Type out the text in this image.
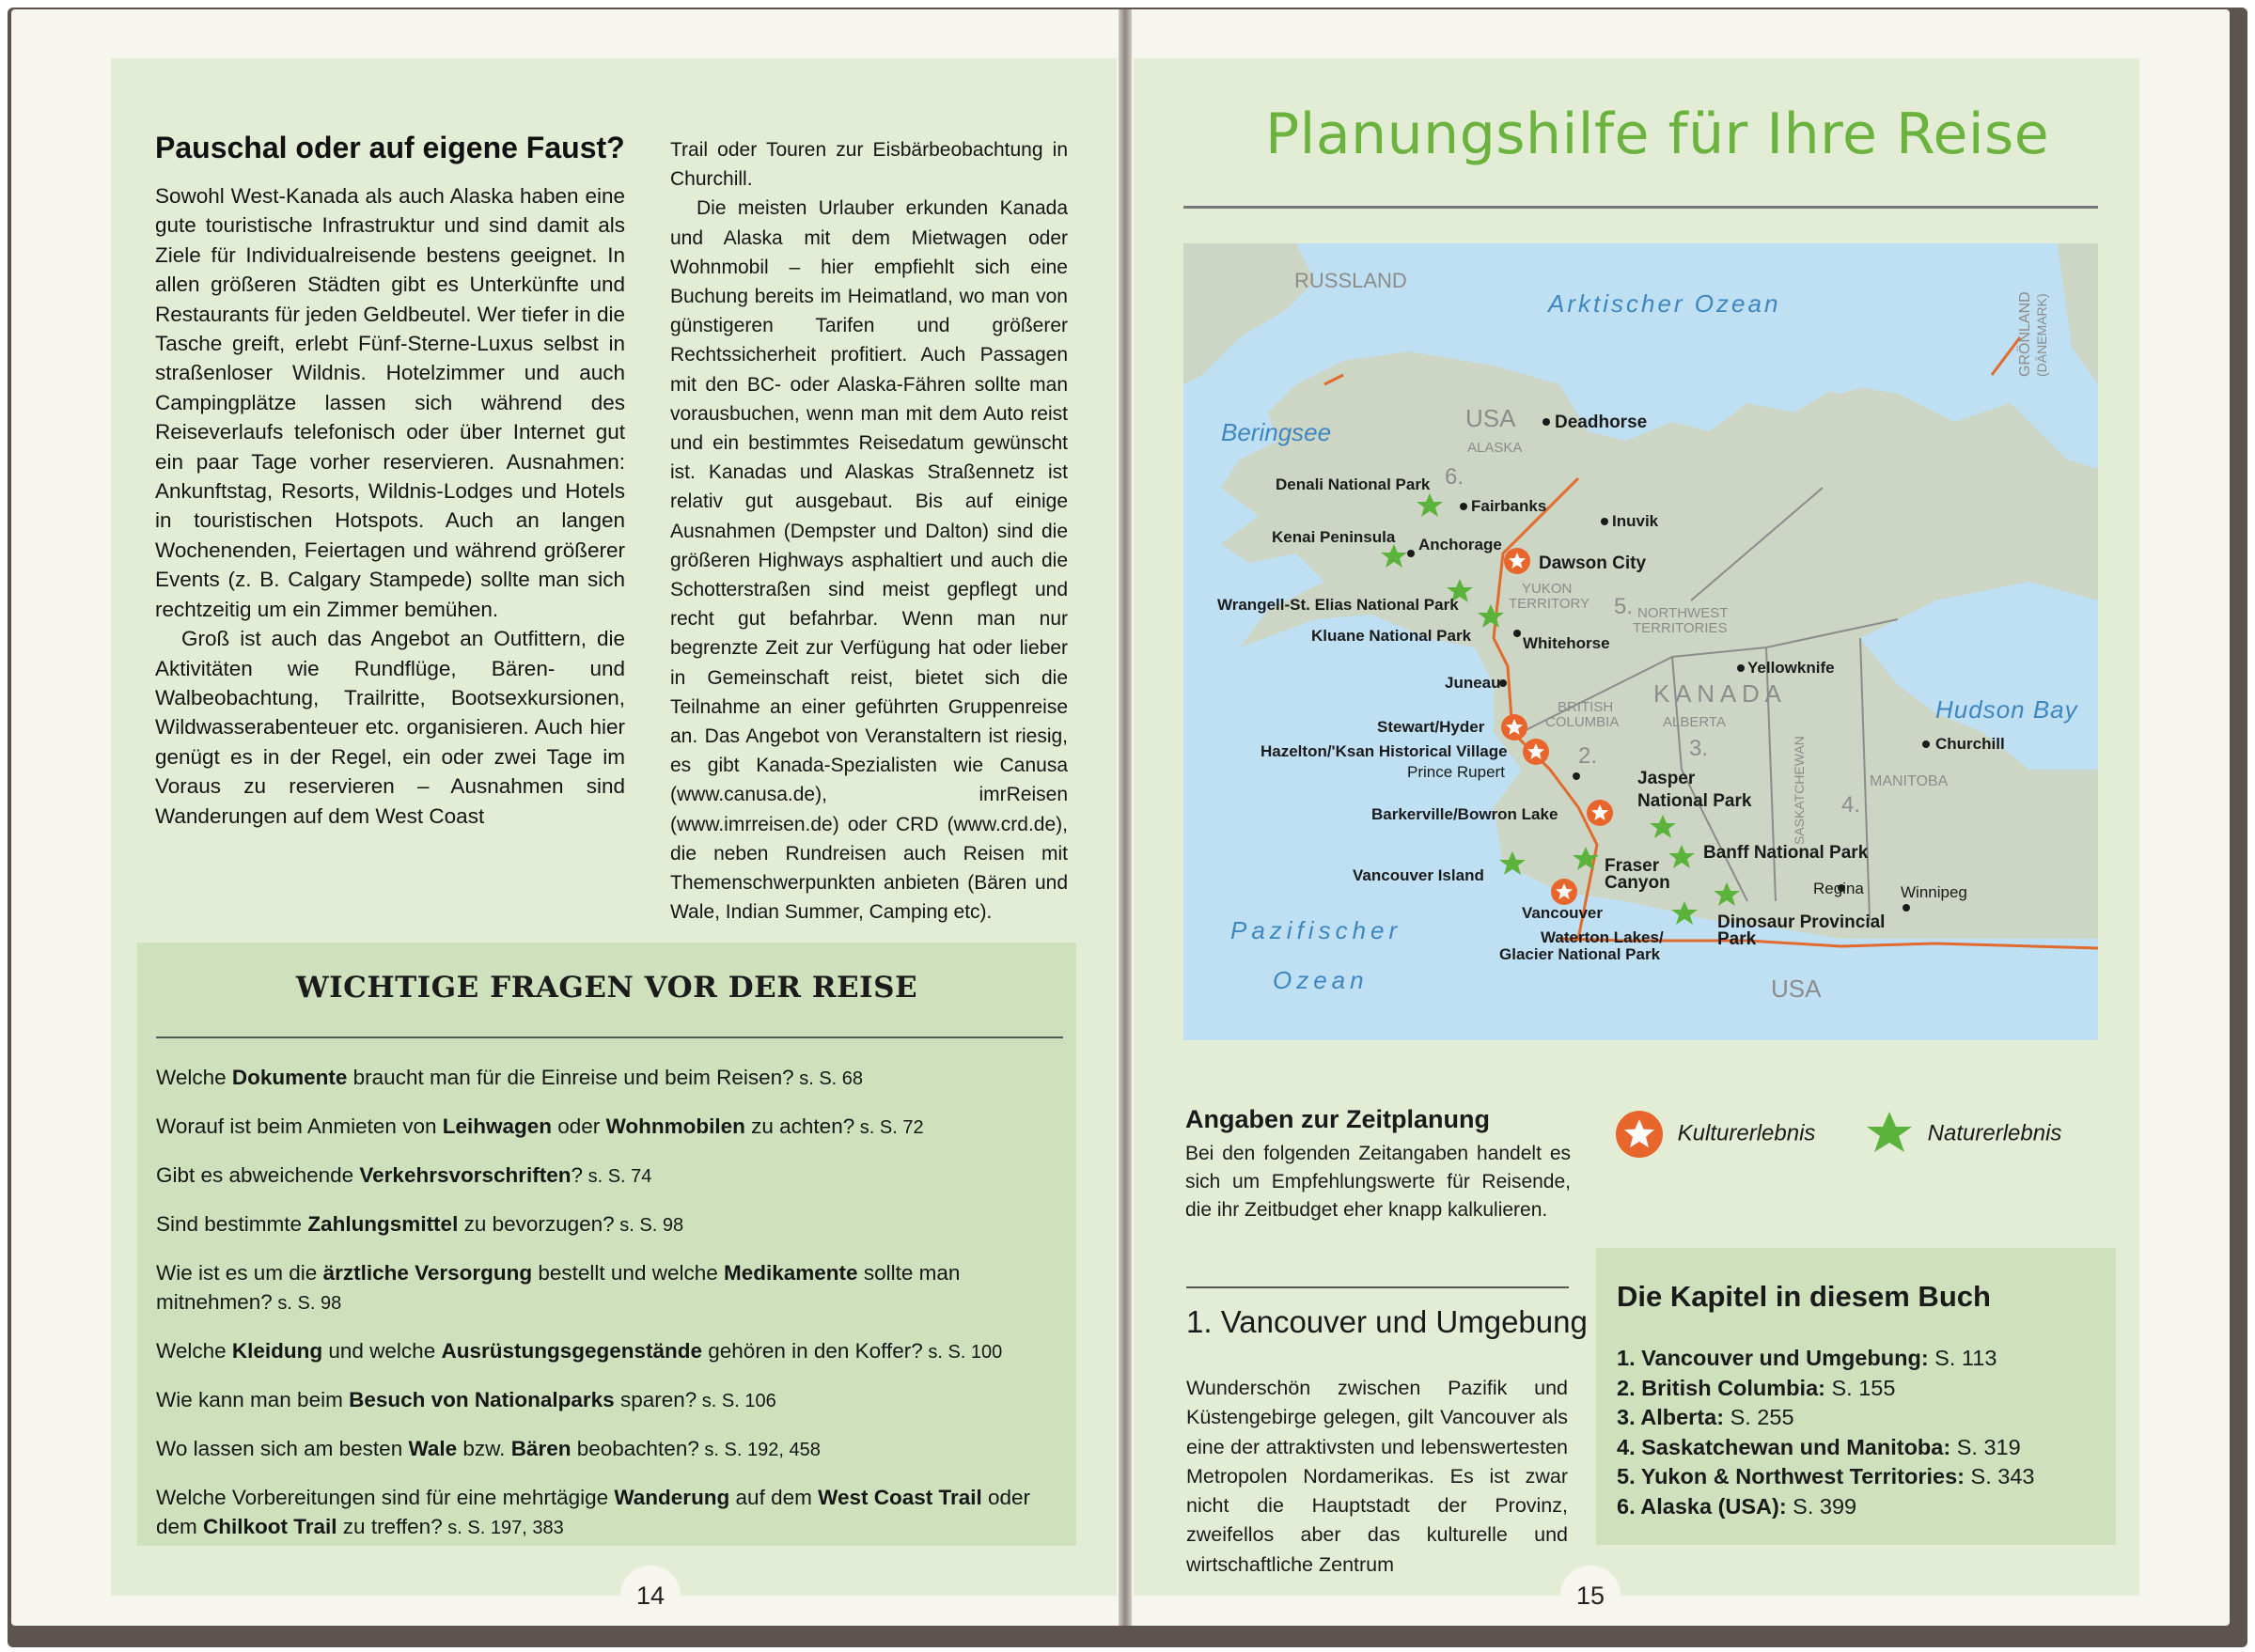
Pauschal oder auf eigene Faust?

Sowohl West-Kanada als auch Alaska haben eine gute touristische Infrastruktur und sind damit als Ziele für Individualreisende bestens geeignet. In allen größeren Städten gibt es Unterkünfte und Restaurants für jeden Geldbeutel. Wer tiefer in die Tasche greift, erlebt Fünf-Sterne-Luxus selbst in straßenloser Wildnis. Hotelzimmer und auch Campingplätze lassen sich während des Reiseverlaufs telefonisch oder über Internet gut ein paar Tage vorher reservieren. Ausnahmen: Ankunftstag, Resorts, Wildnis-Lodges und Hotels in touristischen Hotspots. Auch an langen Wochenenden, Feiertagen und während größerer Events (z. B. Calgary Stampede) sollte man sich rechtzeitig um ein Zimmer bemühen.

Groß ist auch das Angebot an Outfittern, die Aktivitäten wie Rundflüge, Bären- und Walbeobachtung, Trailritte, Bootsexkursionen, Wildwasserabenteuer etc. organisieren. Auch hier genügt es in der Regel, ein oder zwei Tage im Voraus zu reservieren – Ausnahmen sind Wanderungen auf dem West Coast

Trail oder Touren zur Eisbärbeobachtung in Churchill.

Die meisten Urlauber erkunden Kanada und Alaska mit dem Mietwagen oder Wohnmobil – hier empfiehlt sich eine Buchung bereits im Heimatland, wo man von günstigeren Tarifen und größerer Rechtssicherheit profitiert. Auch Passagen mit den BC- oder Alaska-Fähren sollte man vorausbuchen, wenn man mit dem Auto reist und ein bestimmtes Reisedatum gewünscht ist. Kanadas und Alaskas Straßennetz ist relativ gut ausgebaut. Bis auf einige Ausnahmen (Dempster und Dalton) sind die größeren Highways asphaltiert und auch die Schotterstraßen sind meist gepflegt und recht gut befahrbar. Wenn man nur begrenzte Zeit zur Verfügung hat oder lieber in Gemeinschaft reist, bietet sich die Teilnahme an einer geführten Gruppenreise an. Das Angebot von Veranstaltern ist riesig, es gibt Kanada-Spezialisten wie Canusa (www.canusa.de), imrReisen (www.imrreisen.de) oder CRD (www.crd.de), die neben Rundreisen auch Reisen mit Themenschwerpunkten anbieten (Bären und Wale, Indian Summer, Camping etc).

WICHTIGE FRAGEN VOR DER REISE
Welche Dokumente braucht man für die Einreise und beim Reisen? s. S. 68
Worauf ist beim Anmieten von Leihwagen oder Wohnmobilen zu achten? s. S. 72
Gibt es abweichende Verkehrsvorschriften? s. S. 74
Sind bestimmte Zahlungsmittel zu bevorzugen? s. S. 98
Wie ist es um die ärztliche Versorgung bestellt und welche Medikamente sollte man mitnehmen? s. S. 98
Welche Kleidung und welche Ausrüstungsgegenstände gehören in den Koffer? s. S. 100
Wie kann man beim Besuch von Nationalparks sparen? s. S. 106
Wo lassen sich am besten Wale bzw. Bären beobachten? s. S. 192, 458
Welche Vorbereitungen sind für eine mehrtägige Wanderung auf dem West Coast Trail oder dem Chilkoot Trail zu treffen? s. S. 197, 383
14
Planungshilfe für Ihre Reise
RUSSLAND
USA
ALASKA
K A N A D A
USA
GRÖNLAND (DÄNEMARK)
Arktischer Ozean
Beringsee
Hudson Bay
Pazifischer
Ozean
YUKON
TERRITORY
NORTHWEST
TERRITORIES
BRITISH
COLUMBIA	ALBERTA
SASKATCHEWAN	MANITOBA
6.
5.
3.
2.
4.
Deadhorse
Denali National Park
Fairbanks
Inuvik
Kenai Peninsula Anchorage
Dawson City
Wrangell-St. Elias National Park
Kluane National Park	Whitehorse
Yellowknife
Juneau
Stewart/Hyder
Hazelton/'Ksan Historical Village
Prince Rupert	Jasper
National Park
Churchill
Barkerville/Bowron Lake
Banff National Park
Vancouver Island	Fraser
Canyon	Regina Winnipeg
Vancouver	Dinosaur Provincial
Park
Waterton Lakes/
Glacier National Park
Angaben zur Zeitplanung

Bei den folgenden Zeitangaben handelt es sich um Empfehlungswerte für Reisende, die ihr Zeitbudget eher knapp kalkulieren.

Kulturerlebnis	Naturerlebnis
1. Vancouver und Umgebung

Wunderschön zwischen Pazifik und Küstengebirge gelegen, gilt Vancouver als eine der attraktivsten und lebenswertesten Metropolen Nordamerikas. Es ist zwar nicht die Hauptstadt der Provinz, zweifellos aber das kulturelle und wirtschaftliche Zentrum

Die Kapitel in diesem Buch
1. Vancouver und Umgebung: S. 113
2. British Columbia: S. 155
3. Alberta: S. 255
4. Saskatchewan und Manitoba: S. 319
5. Yukon & Northwest Territories: S. 343
6. Alaska (USA): S. 399
15
